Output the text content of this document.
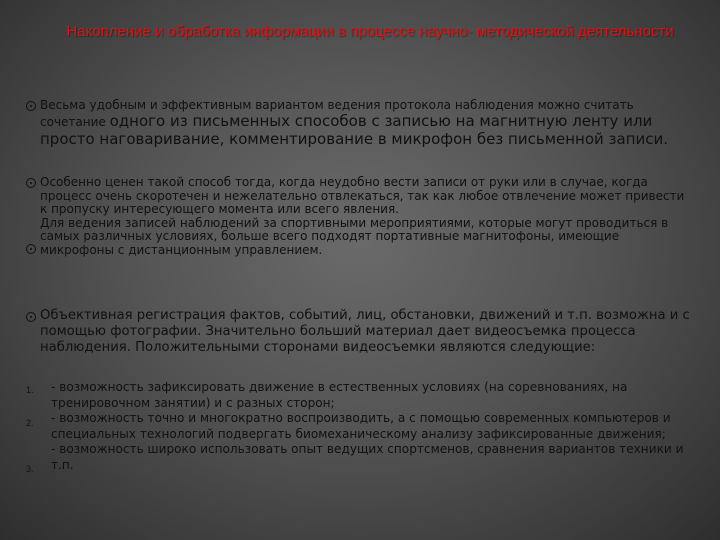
Накопление и обработка информации в процессе научно- методической деятельности
1.
2.
3.
Весьма удобным и эффективным вариантом ведения протокола наблюдения можно считать сочетание одного из письменных способов с записью на магнитную ленту или просто наговаривание, комментирование в микрофон без письменной записи.
Особенно ценен такой способ тогда, когда неудобно вести записи от руки или в случае, когда процесс очень скоротечен и нежелательно отвлекаться, так как любое отвлечение может привести к пропуску интересующего момента или всего явления.
Для ведения записей наблюдений за спортивными мероприятиями, которые могут проводиться в самых различных условиях, больше всего подходят портативные магнитофоны, имеющие микрофоны с дистанционным управлением.
Объективная регистрация фактов, событий, лиц, обстановки, движений и т.п. возможна и с помощью фотографии. Значительно больший материал дает видеосъемка процесса наблюдения. Положительными сторонами видеосъемки являются следующие:
- возможность зафиксировать движение в естественных условиях (на соревнованиях, на тренировочном занятии) и с разных сторон;
- возможность точно и многократно воспроизводить, а с помощью современных компьютеров и специальных технологий подвергать биомеханическому анализу зафиксированные движения;
- возможность широко использовать опыт ведущих спортсменов, сравнения вариантов техники и т.п.
